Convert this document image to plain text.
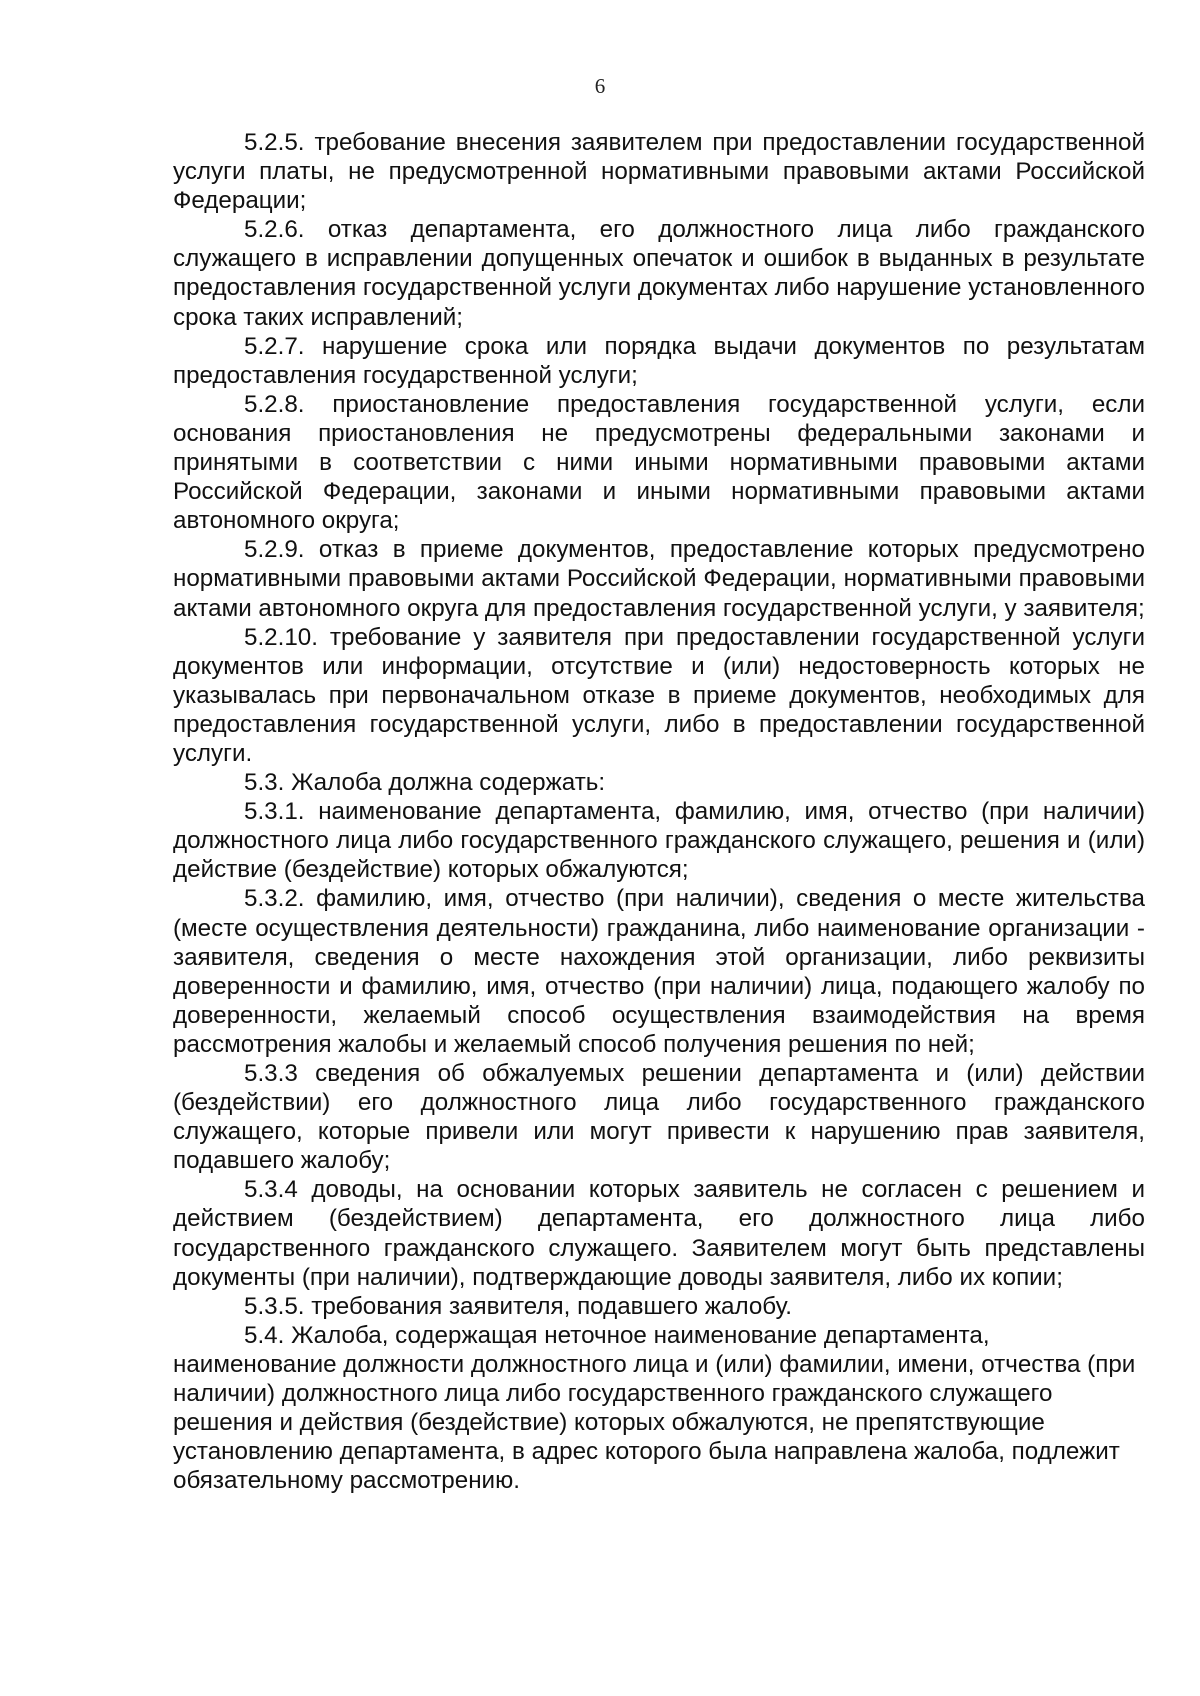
6

5.2.5. требование внесения заявителем при предоставлении государственной услуги платы, не предусмотренной нормативными правовыми актами Российской Федерации;

5.2.6. отказ департамента, его должностного лица либо гражданского служащего в исправлении допущенных опечаток и ошибок в выданных в результате предоставления государственной услуги документах либо нарушение установленного срока таких исправлений;

5.2.7. нарушение срока или порядка выдачи документов по результатам предоставления государственной услуги;

5.2.8. приостановление предоставления государственной услуги, если основания приостановления не предусмотрены федеральными законами и принятыми в соответствии с ними иными нормативными правовыми актами Российской Федерации, законами и иными нормативными правовыми актами автономного округа;

5.2.9. отказ в приеме документов, предоставление которых предусмотрено нормативными правовыми актами Российской Федерации, нормативными правовыми актами автономного округа для предоставления государственной услуги, у заявителя;

5.2.10. требование у заявителя при предоставлении государственной услуги документов или информации, отсутствие и (или) недостоверность которых не указывалась при первоначальном отказе в приеме документов, необходимых для предоставления государственной услуги, либо в предоставлении государственной услуги.

5.3. Жалоба должна содержать:

5.3.1. наименование департамента, фамилию, имя, отчество (при наличии) должностного лица либо государственного гражданского служащего, решения и (или) действие (бездействие) которых обжалуются;

5.3.2. фамилию, имя, отчество (при наличии), сведения о месте жительства (месте осуществления деятельности) гражданина, либо наименование организации - заявителя, сведения о месте нахождения этой организации, либо реквизиты доверенности и фамилию, имя, отчество (при наличии) лица, подающего жалобу по доверенности, желаемый способ осуществления взаимодействия на время рассмотрения жалобы и желаемый способ получения решения по ней;

5.3.3 сведения об обжалуемых решении департамента и (или) действии (бездействии) его должностного лица либо государственного гражданского служащего, которые привели или могут привести к нарушению прав заявителя, подавшего жалобу;

5.3.4 доводы, на основании которых заявитель не согласен с решением и действием (бездействием) департамента, его должностного лица либо государственного гражданского служащего. Заявителем могут быть представлены документы (при наличии), подтверждающие доводы заявителя, либо их копии;

5.3.5. требования заявителя, подавшего жалобу.

5.4. Жалоба, содержащая неточное наименование департамента, наименование должности должностного лица и (или) фамилии, имени, отчества (при наличии) должностного лица либо государственного гражданского служащего решения и действия (бездействие) которых обжалуются, не препятствующие установлению департамента, в адрес которого была направлена жалоба, подлежит обязательному рассмотрению.
